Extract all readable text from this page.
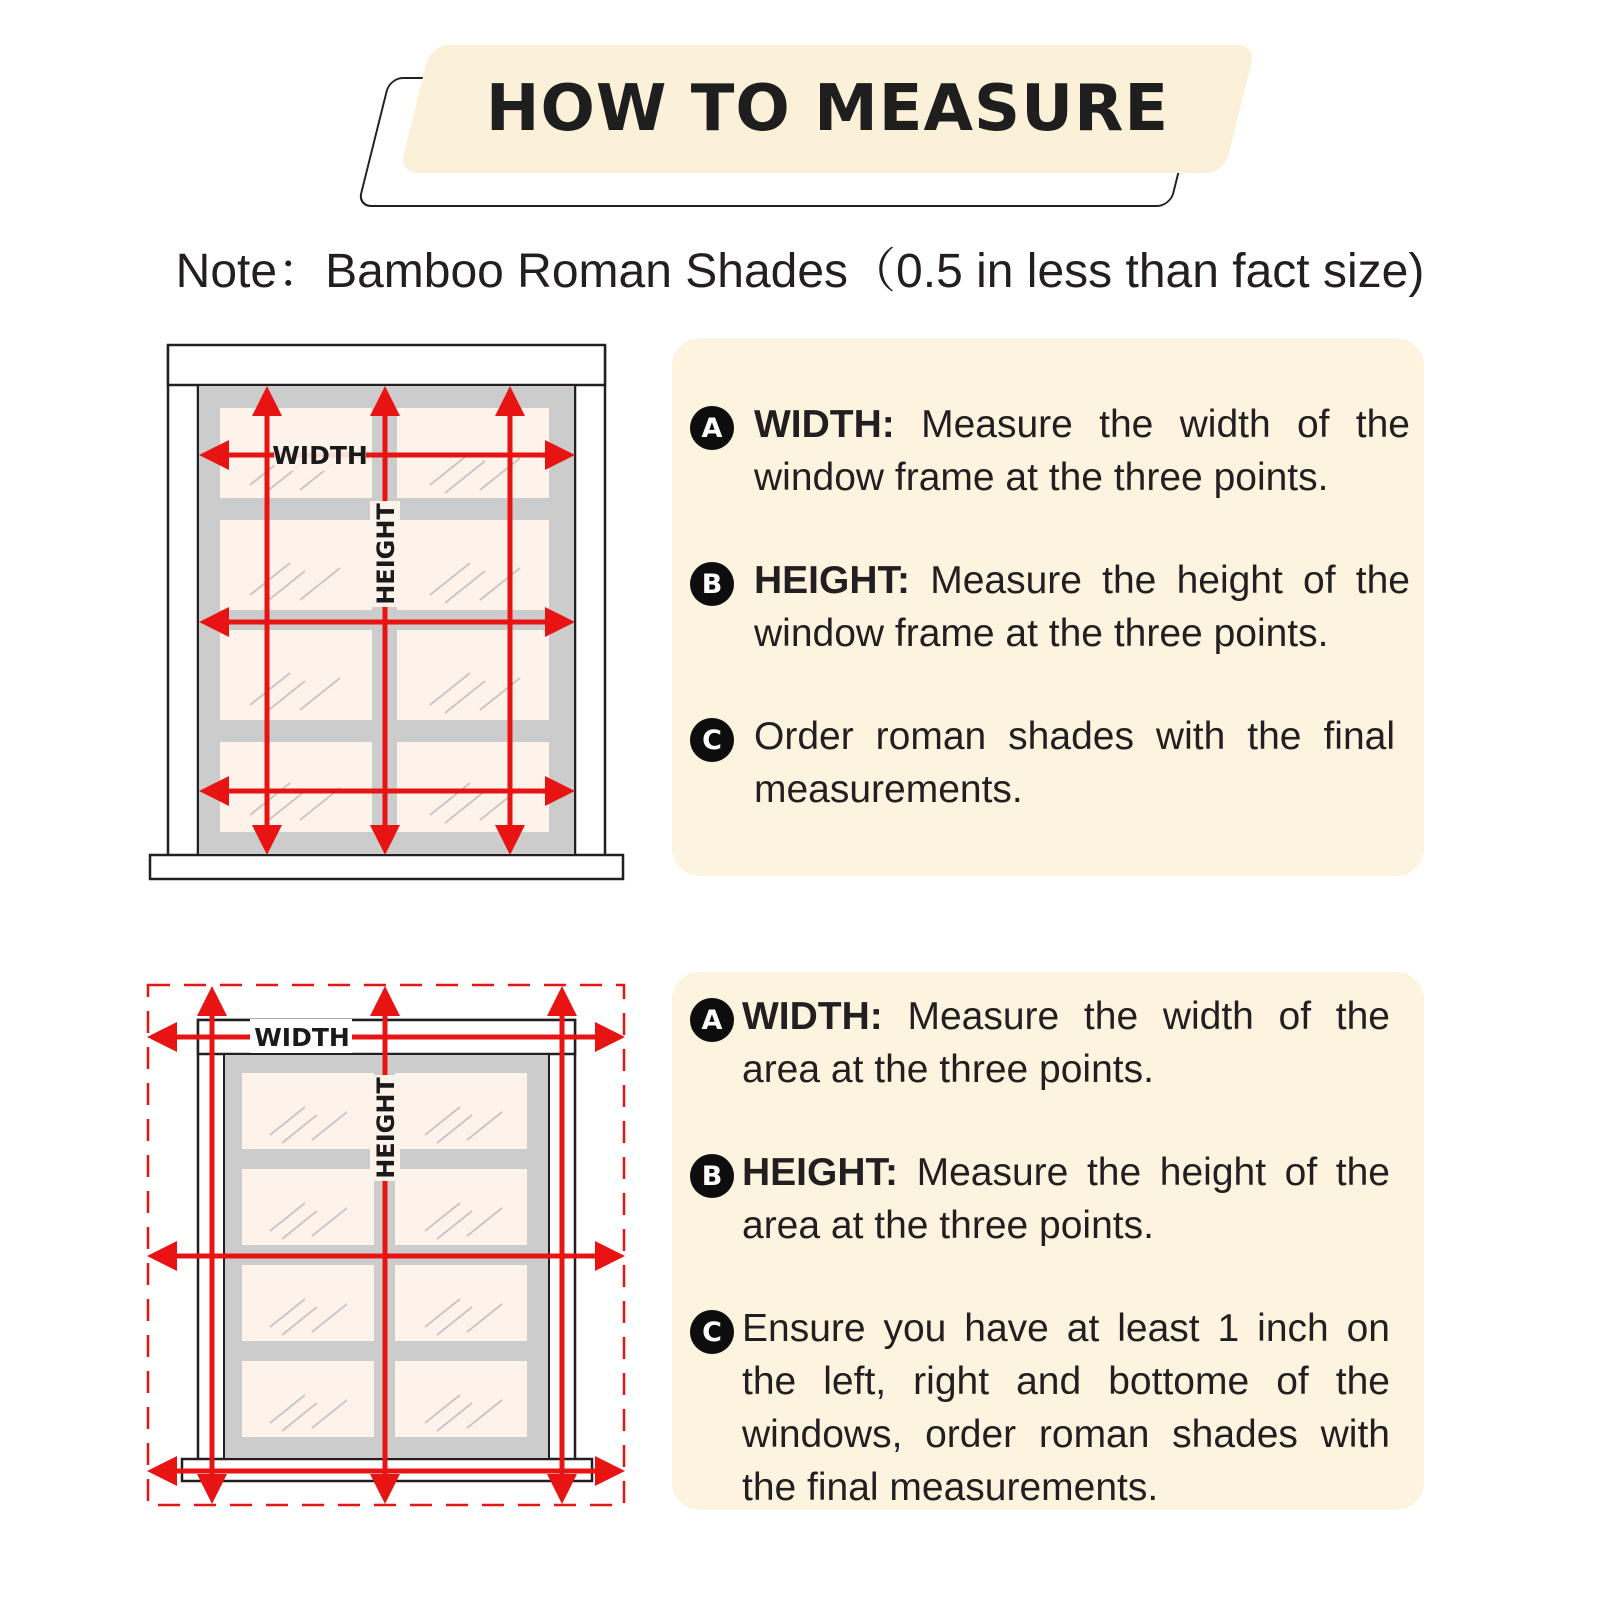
HOW TO MEASURE
Note：Bamboo Roman Shades（0.5 in less than fact size)
WIDTH
HEIGHT
A WIDTH: Measure the width of the window frame at the three points.
B HEIGHT: Measure the height of the window frame at the three points.
C Order roman shades with the final measurements.
WIDTH
HEIGHT
A WIDTH: Measure the width of the area at the three points.
B HEIGHT: Measure the height of the area at the three points.
C Ensure you have at least 1 inch on the left, right and bottome of the windows, order roman shades with the final measurements.
